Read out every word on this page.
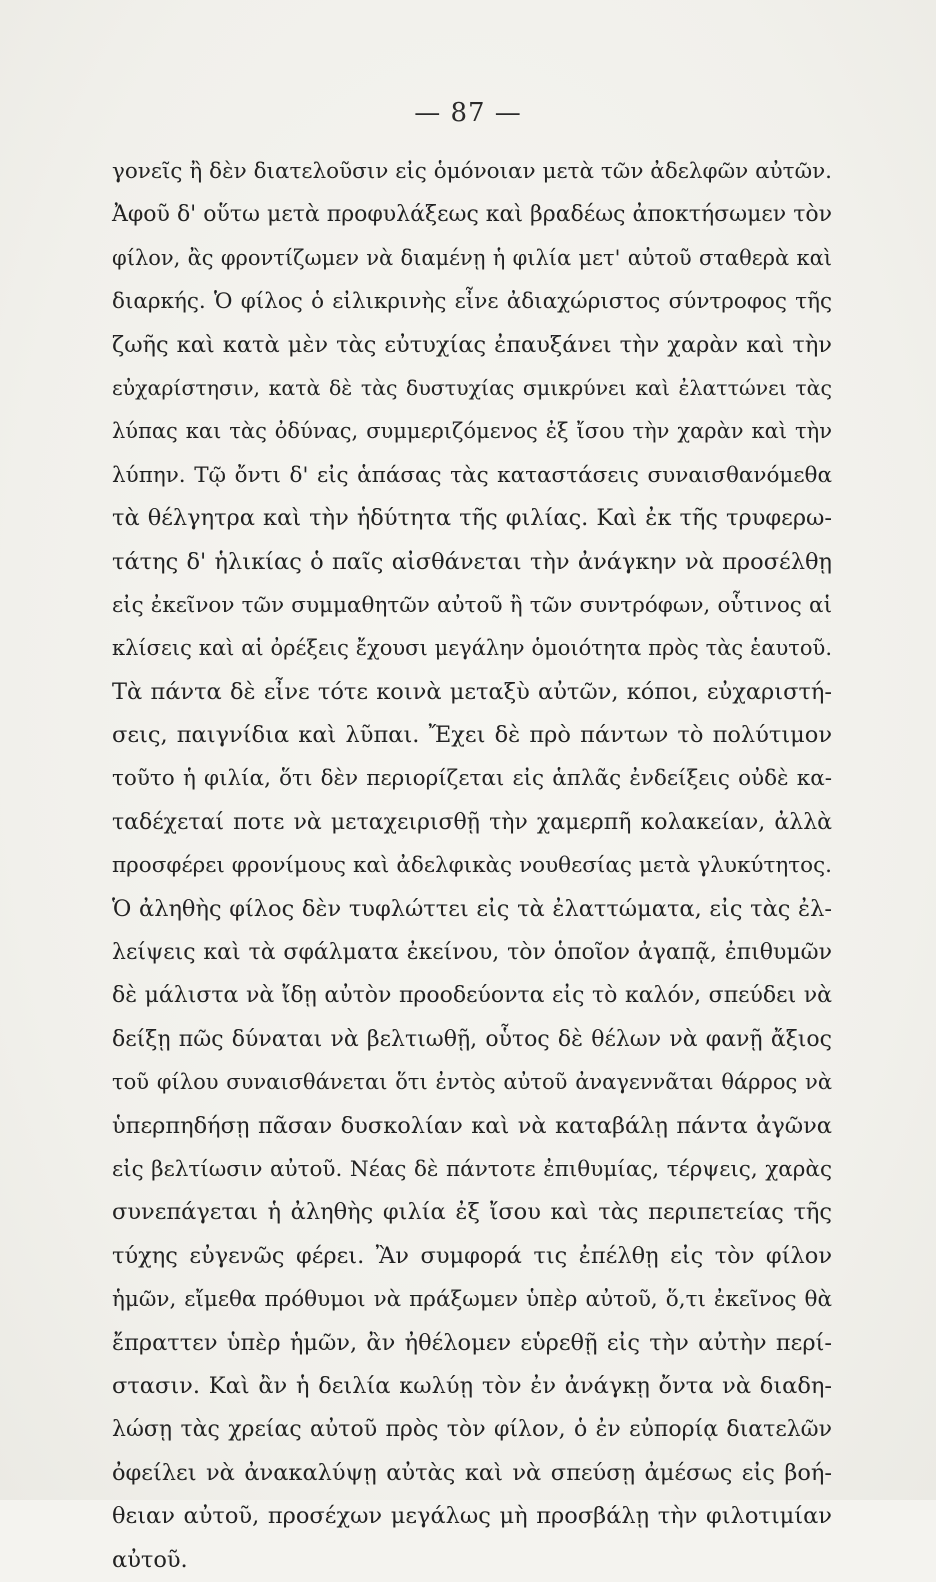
— 87 —
γονεῖς ἢ δὲν διατελοῦσιν εἰς ὁμόνοιαν μετὰ τῶν ἀδελφῶν αὐτῶν.
Ἀφοῦ δ' οὕτω μετὰ προφυλάξεως καὶ βραδέως ἀποκτήσωμεν τὸν
φίλον, ἂς φροντίζωμεν νὰ διαμένῃ ἡ φιλία μετ' αὐτοῦ σταθερὰ καὶ
διαρκής. Ὁ φίλος ὁ εἰλικρινὴς εἶνε ἀδιαχώριστος σύντροφος τῆς
ζωῆς καὶ κατὰ μὲν τὰς εὐτυχίας ἐπαυξάνει τὴν χαρὰν καὶ τὴν
εὐχαρίστησιν, κατὰ δὲ τὰς δυστυχίας σμικρύνει καὶ ἐλαττώνει τὰς
λύπας και τὰς ὀδύνας, συμμεριζόμενος ἐξ ἴσου τὴν χαρὰν καὶ τὴν
λύπην. Τῷ ὄντι δ' εἰς ἁπάσας τὰς καταστάσεις συναισθανόμεθα
τὰ θέλγητρα καὶ τὴν ἡδύτητα τῆς φιλίας. Καὶ ἐκ τῆς τρυφερω-
τάτης δ' ἡλικίας ὁ παῖς αἰσθάνεται τὴν ἀνάγκην νὰ προσέλθῃ
εἰς ἐκεῖνον τῶν συμμαθητῶν αὐτοῦ ἢ τῶν συντρόφων, οὗτινος αἱ
κλίσεις καὶ αἱ ὀρέξεις ἔχουσι μεγάλην ὁμοιότητα πρὸς τὰς ἑαυτοῦ.
Τὰ πάντα δὲ εἶνε τότε κοινὰ μεταξὺ αὐτῶν, κόποι, εὐχαριστή-
σεις, παιγνίδια καὶ λῦπαι. Ἔχει δὲ πρὸ πάντων τὸ πολύτιμον
τοῦτο ἡ φιλία, ὅτι δὲν περιορίζεται εἰς ἁπλᾶς ἐνδείξεις οὐδὲ κα-
ταδέχεταί ποτε νὰ μεταχειρισθῇ τὴν χαμερπῆ κολακείαν, ἀλλὰ
προσφέρει φρονίμους καὶ ἀδελφικὰς νουθεσίας μετὰ γλυκύτητος.
Ὁ ἀληθὴς φίλος δὲν τυφλώττει εἰς τὰ ἐλαττώματα, εἰς τὰς ἐλ-
λείψεις καὶ τὰ σφάλματα ἐκείνου, τὸν ὁποῖον ἀγαπᾷ, ἐπιθυμῶν
δὲ μάλιστα νὰ ἴδῃ αὐτὸν προοδεύοντα εἰς τὸ καλόν, σπεύδει νὰ
δείξῃ πῶς δύναται νὰ βελτιωθῇ, οὗτος δὲ θέλων νὰ φανῇ ἄξιος
τοῦ φίλου συναισθάνεται ὅτι ἐντὸς αὐτοῦ ἀναγεννᾶται θάρρος νὰ
ὑπερπηδήσῃ πᾶσαν δυσκολίαν καὶ νὰ καταβάλῃ πάντα ἀγῶνα
εἰς βελτίωσιν αὐτοῦ. Νέας δὲ πάντοτε ἐπιθυμίας, τέρψεις, χαρὰς
συνεπάγεται ἡ ἀληθὴς φιλία ἐξ ἴσου καὶ τὰς περιπετείας τῆς
τύχης εὐγενῶς φέρει. Ἂν συμφορά τις ἐπέλθῃ εἰς τὸν φίλον
ἡμῶν, εἴμεθα πρόθυμοι νὰ πράξωμεν ὑπὲρ αὐτοῦ, ὅ,τι ἐκεῖνος θὰ
ἔπραττεν ὑπὲρ ἡμῶν, ἂν ἠθέλομεν εὑρεθῇ εἰς τὴν αὐτὴν περί-
στασιν. Καὶ ἂν ἡ δειλία κωλύῃ τὸν ἐν ἀνάγκῃ ὄντα νὰ διαδη-
λώσῃ τὰς χρείας αὐτοῦ πρὸς τὸν φίλον, ὁ ἐν εὐπορίᾳ διατελῶν
ὀφείλει νὰ ἀνακαλύψῃ αὐτὰς καὶ νὰ σπεύσῃ ἀμέσως εἰς βοή-
θειαν αὐτοῦ, προσέχων μεγάλως μὴ προσβάλῃ τὴν φιλοτιμίαν
αὐτοῦ.
